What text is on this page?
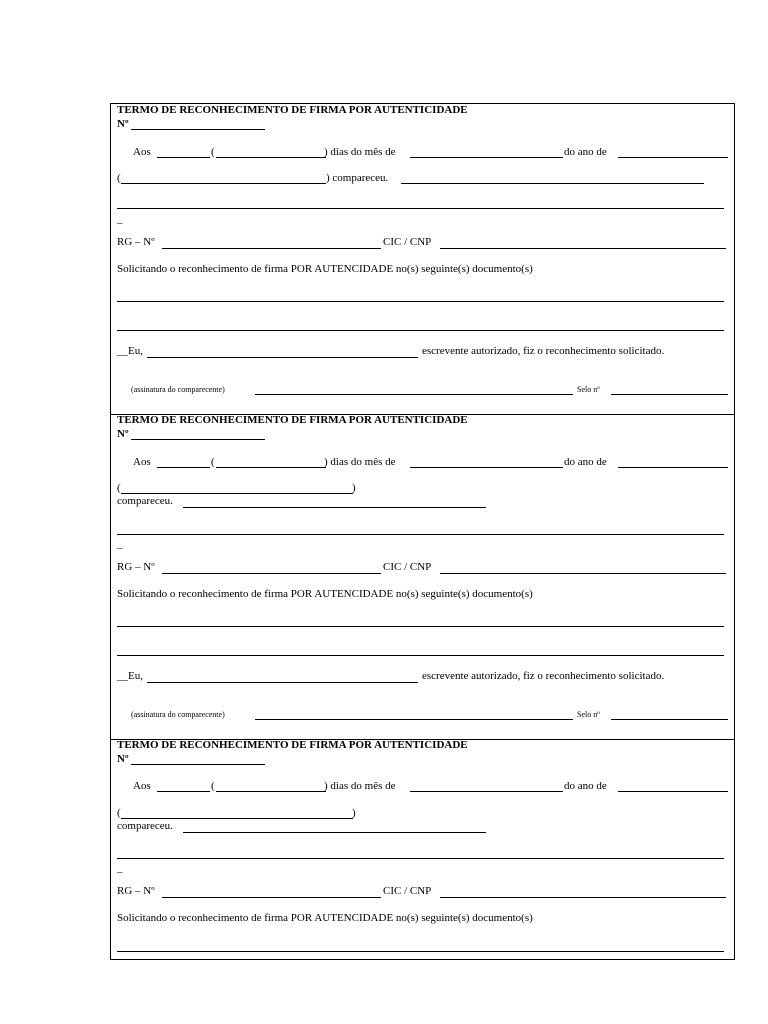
TERMO DE RECONHECIMENTO DE FIRMA POR AUTENTICIDADE
Nº
Aos	(	) dias do mês de	do ano de
(	) compareceu.
–
RG – Nº	CIC / CNP
Solicitando o reconhecimento de firma POR AUTENCIDADE no(s) seguinte(s) documento(s)
__Eu,	escrevente autorizado, fiz o reconhecimento solicitado.
(assinatura do comparecente)	Selo nº
TERMO DE RECONHECIMENTO DE FIRMA POR AUTENTICIDADE
Nº
Aos	(	) dias do mês de	do ano de
(	)
compareceu.
–
RG – Nº	CIC / CNP
Solicitando o reconhecimento de firma POR AUTENCIDADE no(s) seguinte(s) documento(s)
__Eu,	escrevente autorizado, fiz o reconhecimento solicitado.
(assinatura do comparecente)	Selo nº
TERMO DE RECONHECIMENTO DE FIRMA POR AUTENTICIDADE
Nº
Aos	(	) dias do mês de	do ano de
(	)
compareceu.
–
RG – Nº	CIC / CNP
Solicitando o reconhecimento de firma POR AUTENCIDADE no(s) seguinte(s) documento(s)
